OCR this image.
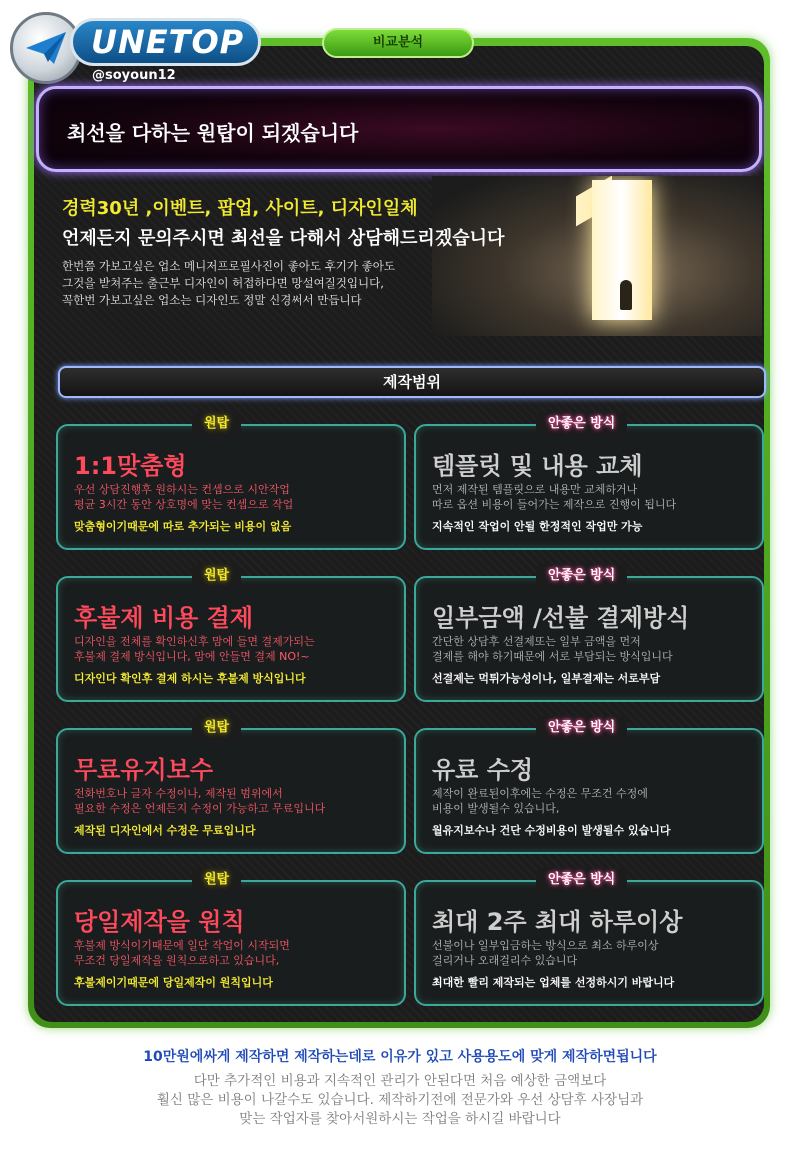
UNETOP
@soyoun12
비교분석
최선을 다하는 원탑이 되겠습니다
경력30년 ,이벤트, 팝업, 사이트, 디자인일체
언제든지 문의주시면 최선을 다해서 상담해드리겠습니다
한번쯤 가보고싶은 업소 메니저프로필사진이 좋아도 후기가 좋아도
그것을 받쳐주는 출근부 디자인이 허접하다면 망설여질것입니다,
꼭한번 가보고싶은 업소는 디자인도 정말 신경써서 만듭니다
제작범위
원탑
1:1맞춤형
우선 상담진행후 원하시는 컨셉으로 시안작업
평균 3시간 동안 상호명에 맞는 컨셉으로 작업
맞춤형이기때문에 따로 추가되는 비용이 없음
안좋은 방식
템플릿 및 내용 교체
먼저 제작된 템플릿으로 내용만 교체하거나
따로 옵션 비용이 들어가는 제작으로 진행이 됩니다
지속적인 작업이 안될 한정적인 작업만 가능
원탑
후불제 비용 결제
디자인을 전체를 확인하신후 맘에 들면 결제가되는
후불제 결제 방식입니다, 맘에 안들면 결제 NO!~
디자인다 확인후 결제 하시는 후불제 방식입니다
안좋은 방식
일부금액 /선불 결제방식
간단한 상담후 선결제또는 일부 금액을 먼저
결제를 해야 하기때문에 서로 부담되는 방식입니다
선결제는 먹튀가능성이나, 일부결제는 서로부담
원탑
무료유지보수
전화번호나 글자 수정이나, 제작된 범위에서
필요한 수정은 언제든지 수정이 가능하고 무료입니다
제작된 디자인에서 수정은 무료입니다
안좋은 방식
유료 수정
제작이 완료된이후에는 수정은 무조건 수정에
비용이 발생될수 있습니다,
월유지보수나 건단 수정비용이 발생될수 있습니다
원탑
당일제작을 원칙
후불제 방식이기때문에 일단 작업이 시작되면
무조건 당일제작을 원칙으로하고 있습니다,
후불제이기때문에 당일제작이 원칙입니다
안좋은 방식
최대 2주 최대 하루이상
선불이나 일부입금하는 방식으로 최소 하루이상
걸리거나 오래걸리수 있습니다
최대한 빨리 제작되는 업체를 선정하시기 바랍니다
10만원에싸게 제작하면 제작하는데로 이유가 있고 사용용도에 맞게 제작하면됩니다
다만 추가적인 비용과 지속적인 관리가 안된다면 처음 예상한 금액보다
훨신 많은 비용이 나갈수도 있습니다. 제작하기전에 전문가와 우선 상담후 사장님과
맞는 작업자를 찾아서원하시는 작업을 하시길 바랍니다
